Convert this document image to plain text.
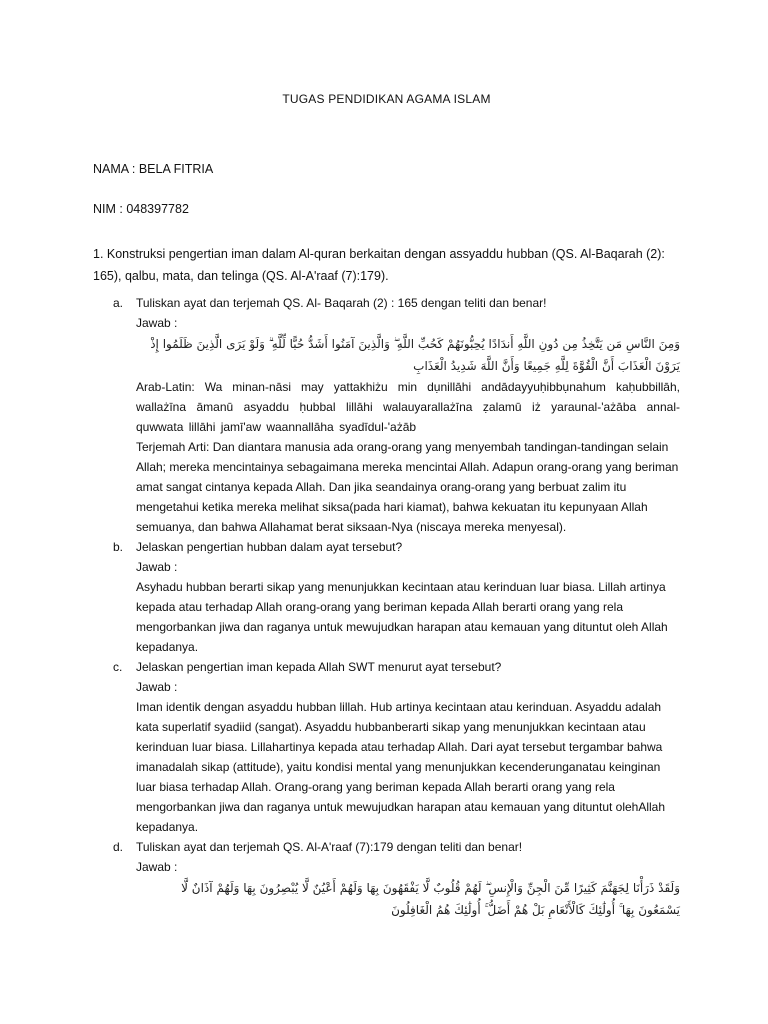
TUGAS PENDIDIKAN AGAMA ISLAM
NAMA : BELA FITRIA
NIM : 048397782
1. Konstruksi pengertian iman dalam Al-quran berkaitan dengan assyaddu hubban (QS. Al-Baqarah (2): 165), qalbu, mata, dan telinga (QS. Al-A'raaf (7):179).
a. Tuliskan ayat dan terjemah QS. Al- Baqarah (2) : 165 dengan teliti dan benar!
Jawab :
وَمِنَ النَّاسِ مَن يَتَّخِذُ مِن دُونِ اللَّهِ أَندَادًا يُحِبُّونَهُمْ كَحُبِّ اللَّهِ ۖ وَالَّذِينَ آمَنُوا أَشَدُّ حُبًّا لِّلَّهِ ۗ وَلَوْ يَرَى الَّذِينَ ظَلَمُوا إِذْ يَرَوْنَ الْعَذَابَ أَنَّ الْقُوَّةَ لِلَّهِ جَمِيعًا وَأَنَّ اللَّهَ شَدِيدُ الْعَذَابِ
Arab-Latin: Wa minan-nāsi may yattakhiżu min dụnillāhi andādayyuḥibbụnahum kaḥubbillāh, wallażīna āmanū asyaddu ḥubbal lillāhi walauyarallażīna ẓalamū iż yaraunal-'ażāba annal-quwwata lillāhi jamī'aw waannallāha syadīdul-'ażāb
Terjemah Arti: Dan diantara manusia ada orang-orang yang menyembah tandingan-tandingan selain Allah; mereka mencintainya sebagaimana mereka mencintai Allah. Adapun orang-orang yang beriman amat sangat cintanya kepada Allah. Dan jika seandainya orang-orang yang berbuat zalim itu mengetahui ketika mereka melihat siksa(pada hari kiamat), bahwa kekuatan itu kepunyaan Allah semuanya, dan bahwa Allahamat berat siksaan-Nya (niscaya mereka menyesal).
b. Jelaskan pengertian hubban dalam ayat tersebut?
Jawab :
Asyhadu hubban berarti sikap yang menunjukkan kecintaan atau kerinduan luar biasa. Lillah artinya kepada atau terhadap Allah orang-orang yang beriman kepada Allah berarti orang yang rela mengorbankan jiwa dan raganya untuk mewujudkan harapan atau kemauan yang dituntut oleh Allah kepadanya.
c. Jelaskan pengertian iman kepada Allah SWT menurut ayat tersebut?
Jawab :
Iman identik dengan asyaddu hubban lillah. Hub artinya kecintaan atau kerinduan. Asyaddu adalah kata superlatif syadiid (sangat). Asyaddu hubbanberarti sikap yang menunjukkan kecintaan atau kerinduan luar biasa. Lillahartinya kepada atau terhadap Allah. Dari ayat tersebut tergambar bahwa imanadalah sikap (attitude), yaitu kondisi mental yang menunjukkan kecenderunganatau keinginan luar biasa terhadap Allah. Orang-orang yang beriman kepada Allah berarti orang yang rela mengorbankan jiwa dan raganya untuk mewujudkan harapan atau kemauan yang dituntut olehAllah kepadanya.
d. Tuliskan ayat dan terjemah QS. Al-A'raaf (7):179 dengan teliti dan benar!
Jawab :
وَلَقَدْ ذَرَأْنَا لِجَهَنَّمَ كَثِيرًا مِّنَ الْجِنِّ وَالْإِنسِ ۖ لَهُمْ قُلُوبٌ لَّا يَفْقَهُونَ بِهَا وَلَهُمْ أَعْيُنٌ لَّا يُبْصِرُونَ بِهَا وَلَهُمْ آذَانٌ لَّا يَسْمَعُونَ بِهَا ۚ أُولَٰئِكَ كَالْأَنْعَامِ بَلْ هُمْ أَضَلُّ ۚ أُولَٰئِكَ هُمُ الْغَافِلُونَ
